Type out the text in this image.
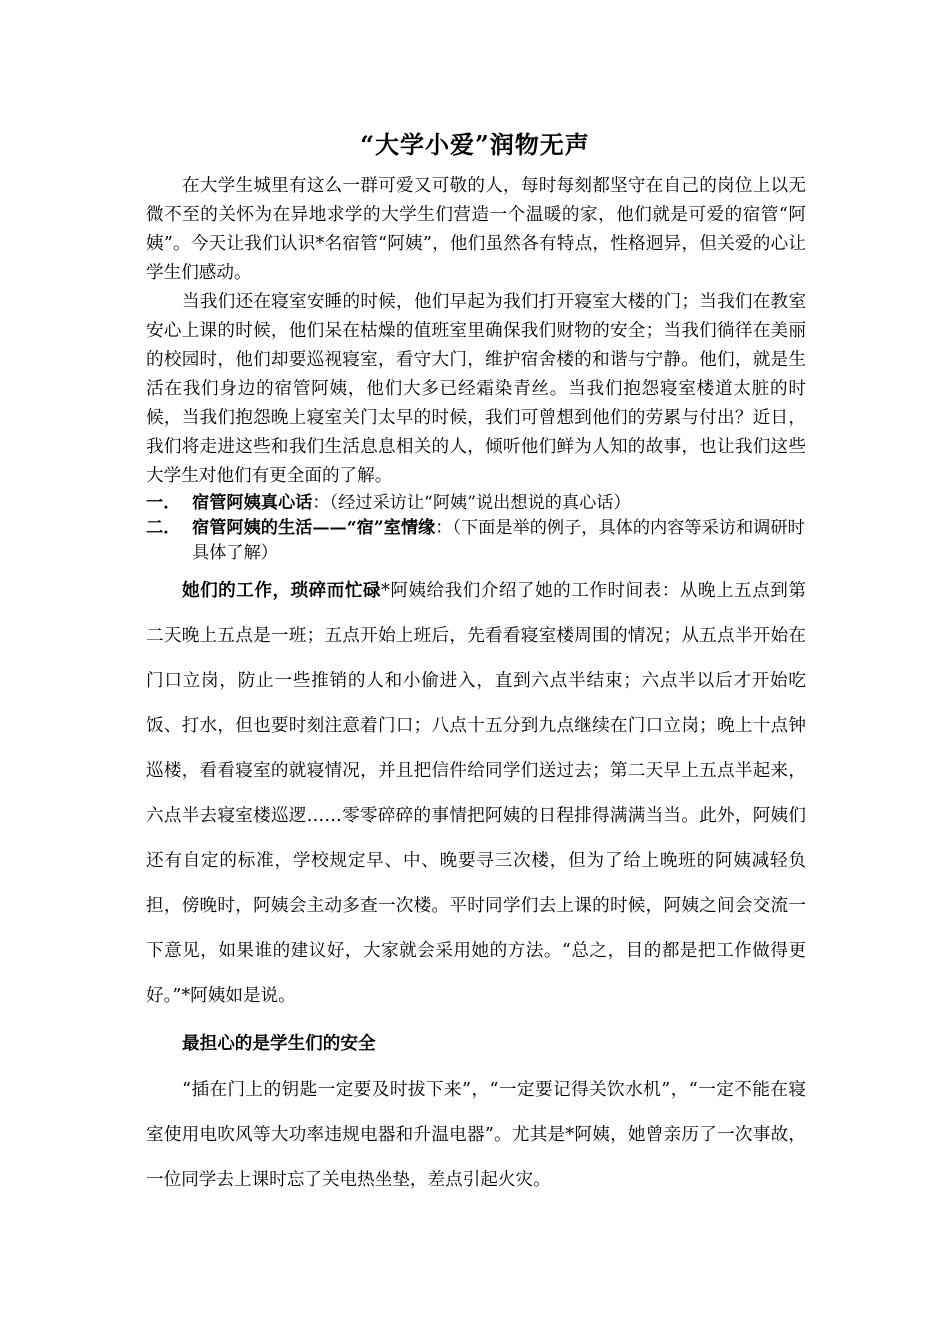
“大学小爱”润物无声

在大学生城里有这么一群可爱又可敬的人，每时每刻都坚守在自己的岗位上以无微不至的关怀为在异地求学的大学生们营造一个温暖的家，他们就是可爱的宿管“阿姨”。今天让我们认识*名宿管“阿姨”，他们虽然各有特点，性格迥异，但关爱的心让学生们感动。

当我们还在寝室安睡的时候，他们早起为我们打开寝室大楼的门；当我们在教室安心上课的时候，他们呆在枯燥的值班室里确保我们财物的安全；当我们徜徉在美丽的校园时，他们却要巡视寝室，看守大门，维护宿舍楼的和谐与宁静。他们，就是生活在我们身边的宿管阿姨，他们大多已经霜染青丝。当我们抱怨寝室楼道太脏的时候，当我们抱怨晚上寝室关门太早的时候，我们可曾想到他们的劳累与付出？近日，我们将走进这些和我们生活息息相关的人，倾听他们鲜为人知的故事，也让我们这些大学生对他们有更全面的了解。

一． 宿管阿姨真心话：（经过采访让“阿姨”说出想说的真心话）
二． 宿管阿姨的生活——“宿”室情缘：（下面是举的例子，具体的内容等采访和调研时具体了解）

她们的工作，琐碎而忙碌*阿姨给我们介绍了她的工作时间表：从晚上五点到第二天晚上五点是一班；五点开始上班后，先看看寝室楼周围的情况；从五点半开始在门口立岗，防止一些推销的人和小偷进入，直到六点半结束；六点半以后才开始吃饭、打水，但也要时刻注意着门口；八点十五分到九点继续在门口立岗；晚上十点钟巡楼，看看寝室的就寝情况，并且把信件给同学们送过去；第二天早上五点半起来，六点半去寝室楼巡逻……零零碎碎的事情把阿姨的日程排得满满当当。此外，阿姨们还有自定的标准，学校规定早、中、晚要寻三次楼，但为了给上晚班的阿姨减轻负担，傍晚时，阿姨会主动多查一次楼。平时同学们去上课的时候，阿姨之间会交流一下意见，如果谁的建议好，大家就会采用她的方法。“总之，目的都是把工作做得更好。”*阿姨如是说。

最担心的是学生们的安全

“插在门上的钥匙一定要及时拔下来”，“一定要记得关饮水机”，“一定不能在寝室使用电吹风等大功率违规电器和升温电器”。尤其是*阿姨，她曾亲历了一次事故，一位同学去上课时忘了关电热坐垫，差点引起火灾。
